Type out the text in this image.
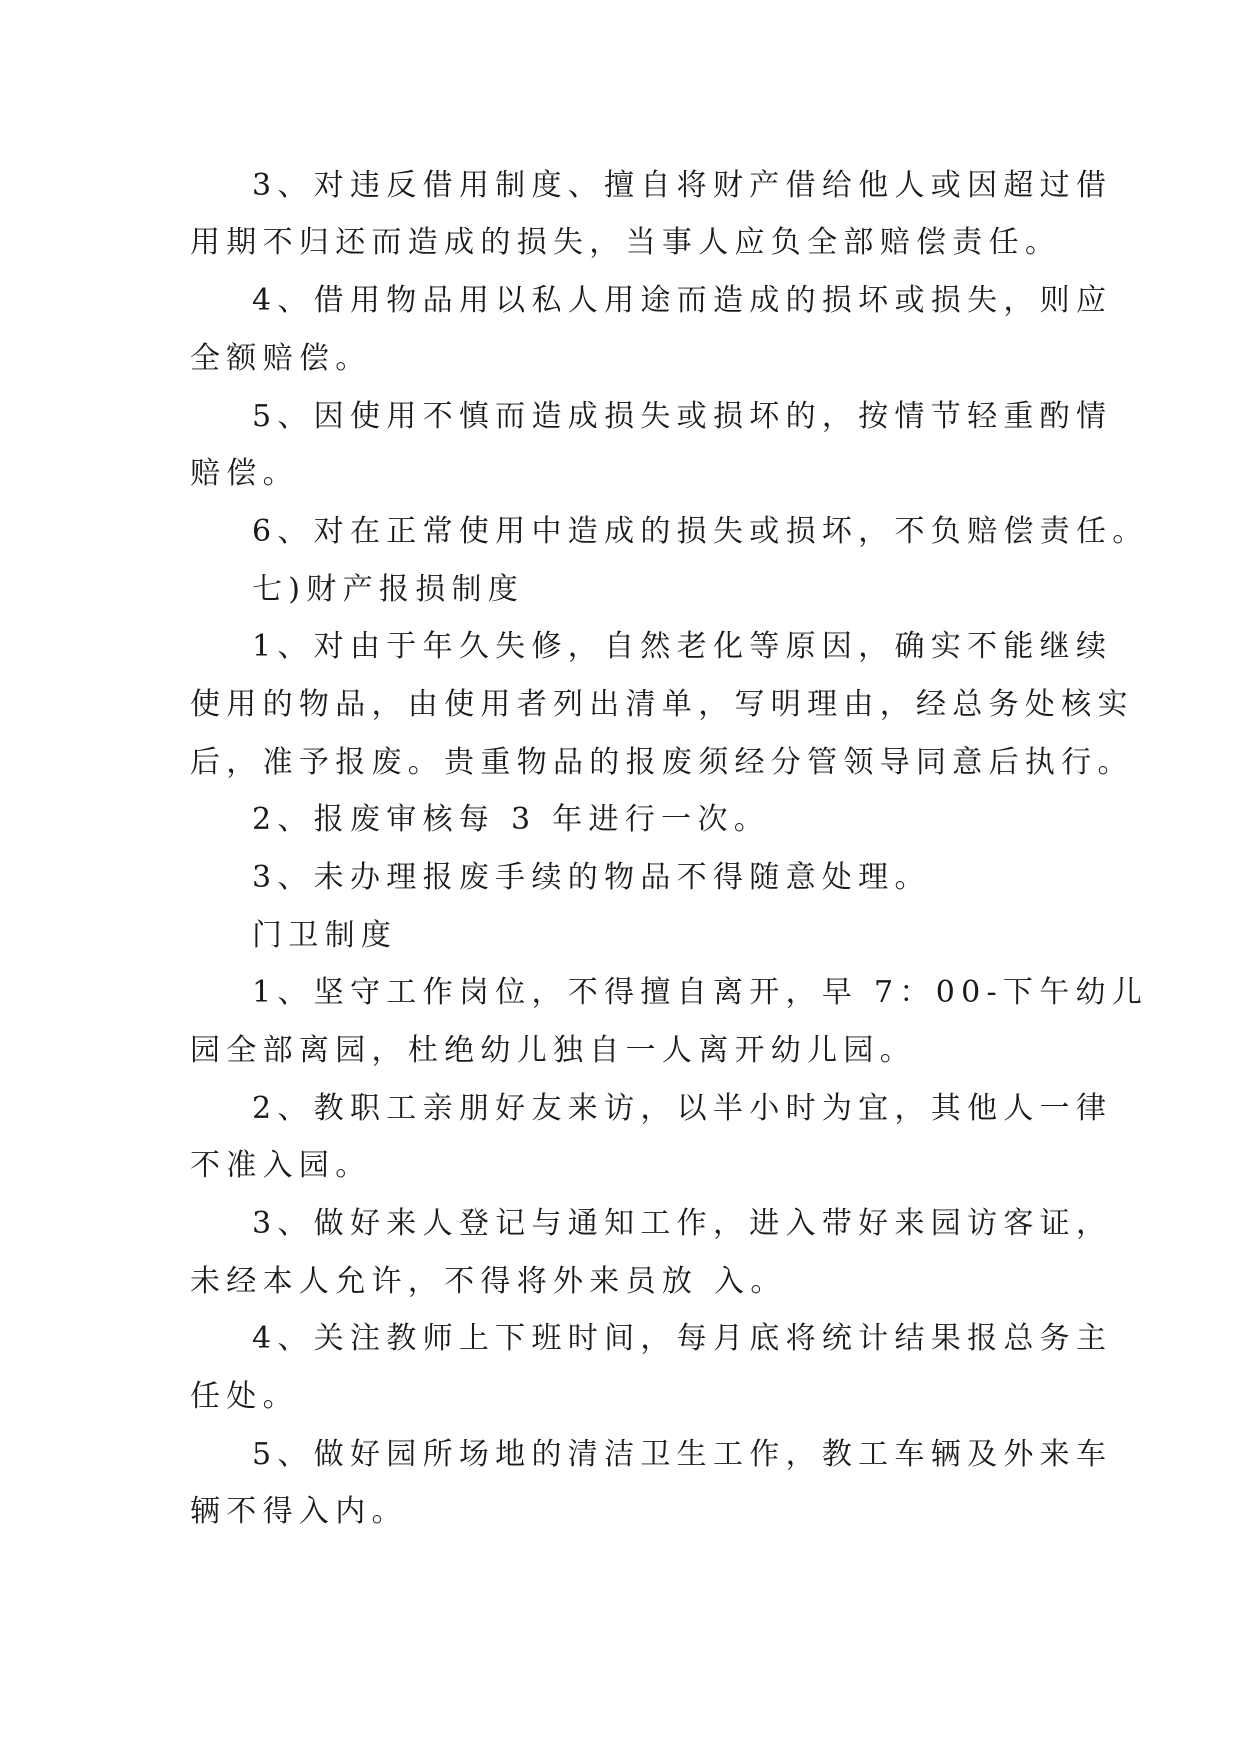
3、对违反借用制度、擅自将财产借给他人或因超过借
用期不归还而造成的损失，当事人应负全部赔偿责任。
4、借用物品用以私人用途而造成的损坏或损失，则应
全额赔偿。
5、因使用不慎而造成损失或损坏的，按情节轻重酌情
赔偿。
6、对在正常使用中造成的损失或损坏，不负赔偿责任。
七)财产报损制度
1、对由于年久失修，自然老化等原因，确实不能继续
使用的物品，由使用者列出清单，写明理由，经总务处核实
后，准予报废。贵重物品的报废须经分管领导同意后执行。
2、报废审核每 3 年进行一次。
3、未办理报废手续的物品不得随意处理。
门卫制度
1、坚守工作岗位，不得擅自离开，早 7：00-下午幼儿
园全部离园，杜绝幼儿独自一人离开幼儿园。
2、教职工亲朋好友来访，以半小时为宜，其他人一律
不准入园。
3、做好来人登记与通知工作，进入带好来园访客证，
未经本人允许，不得将外来员放 入。
4、关注教师上下班时间，每月底将统计结果报总务主
任处。
5、做好园所场地的清洁卫生工作，教工车辆及外来车
辆不得入内。
